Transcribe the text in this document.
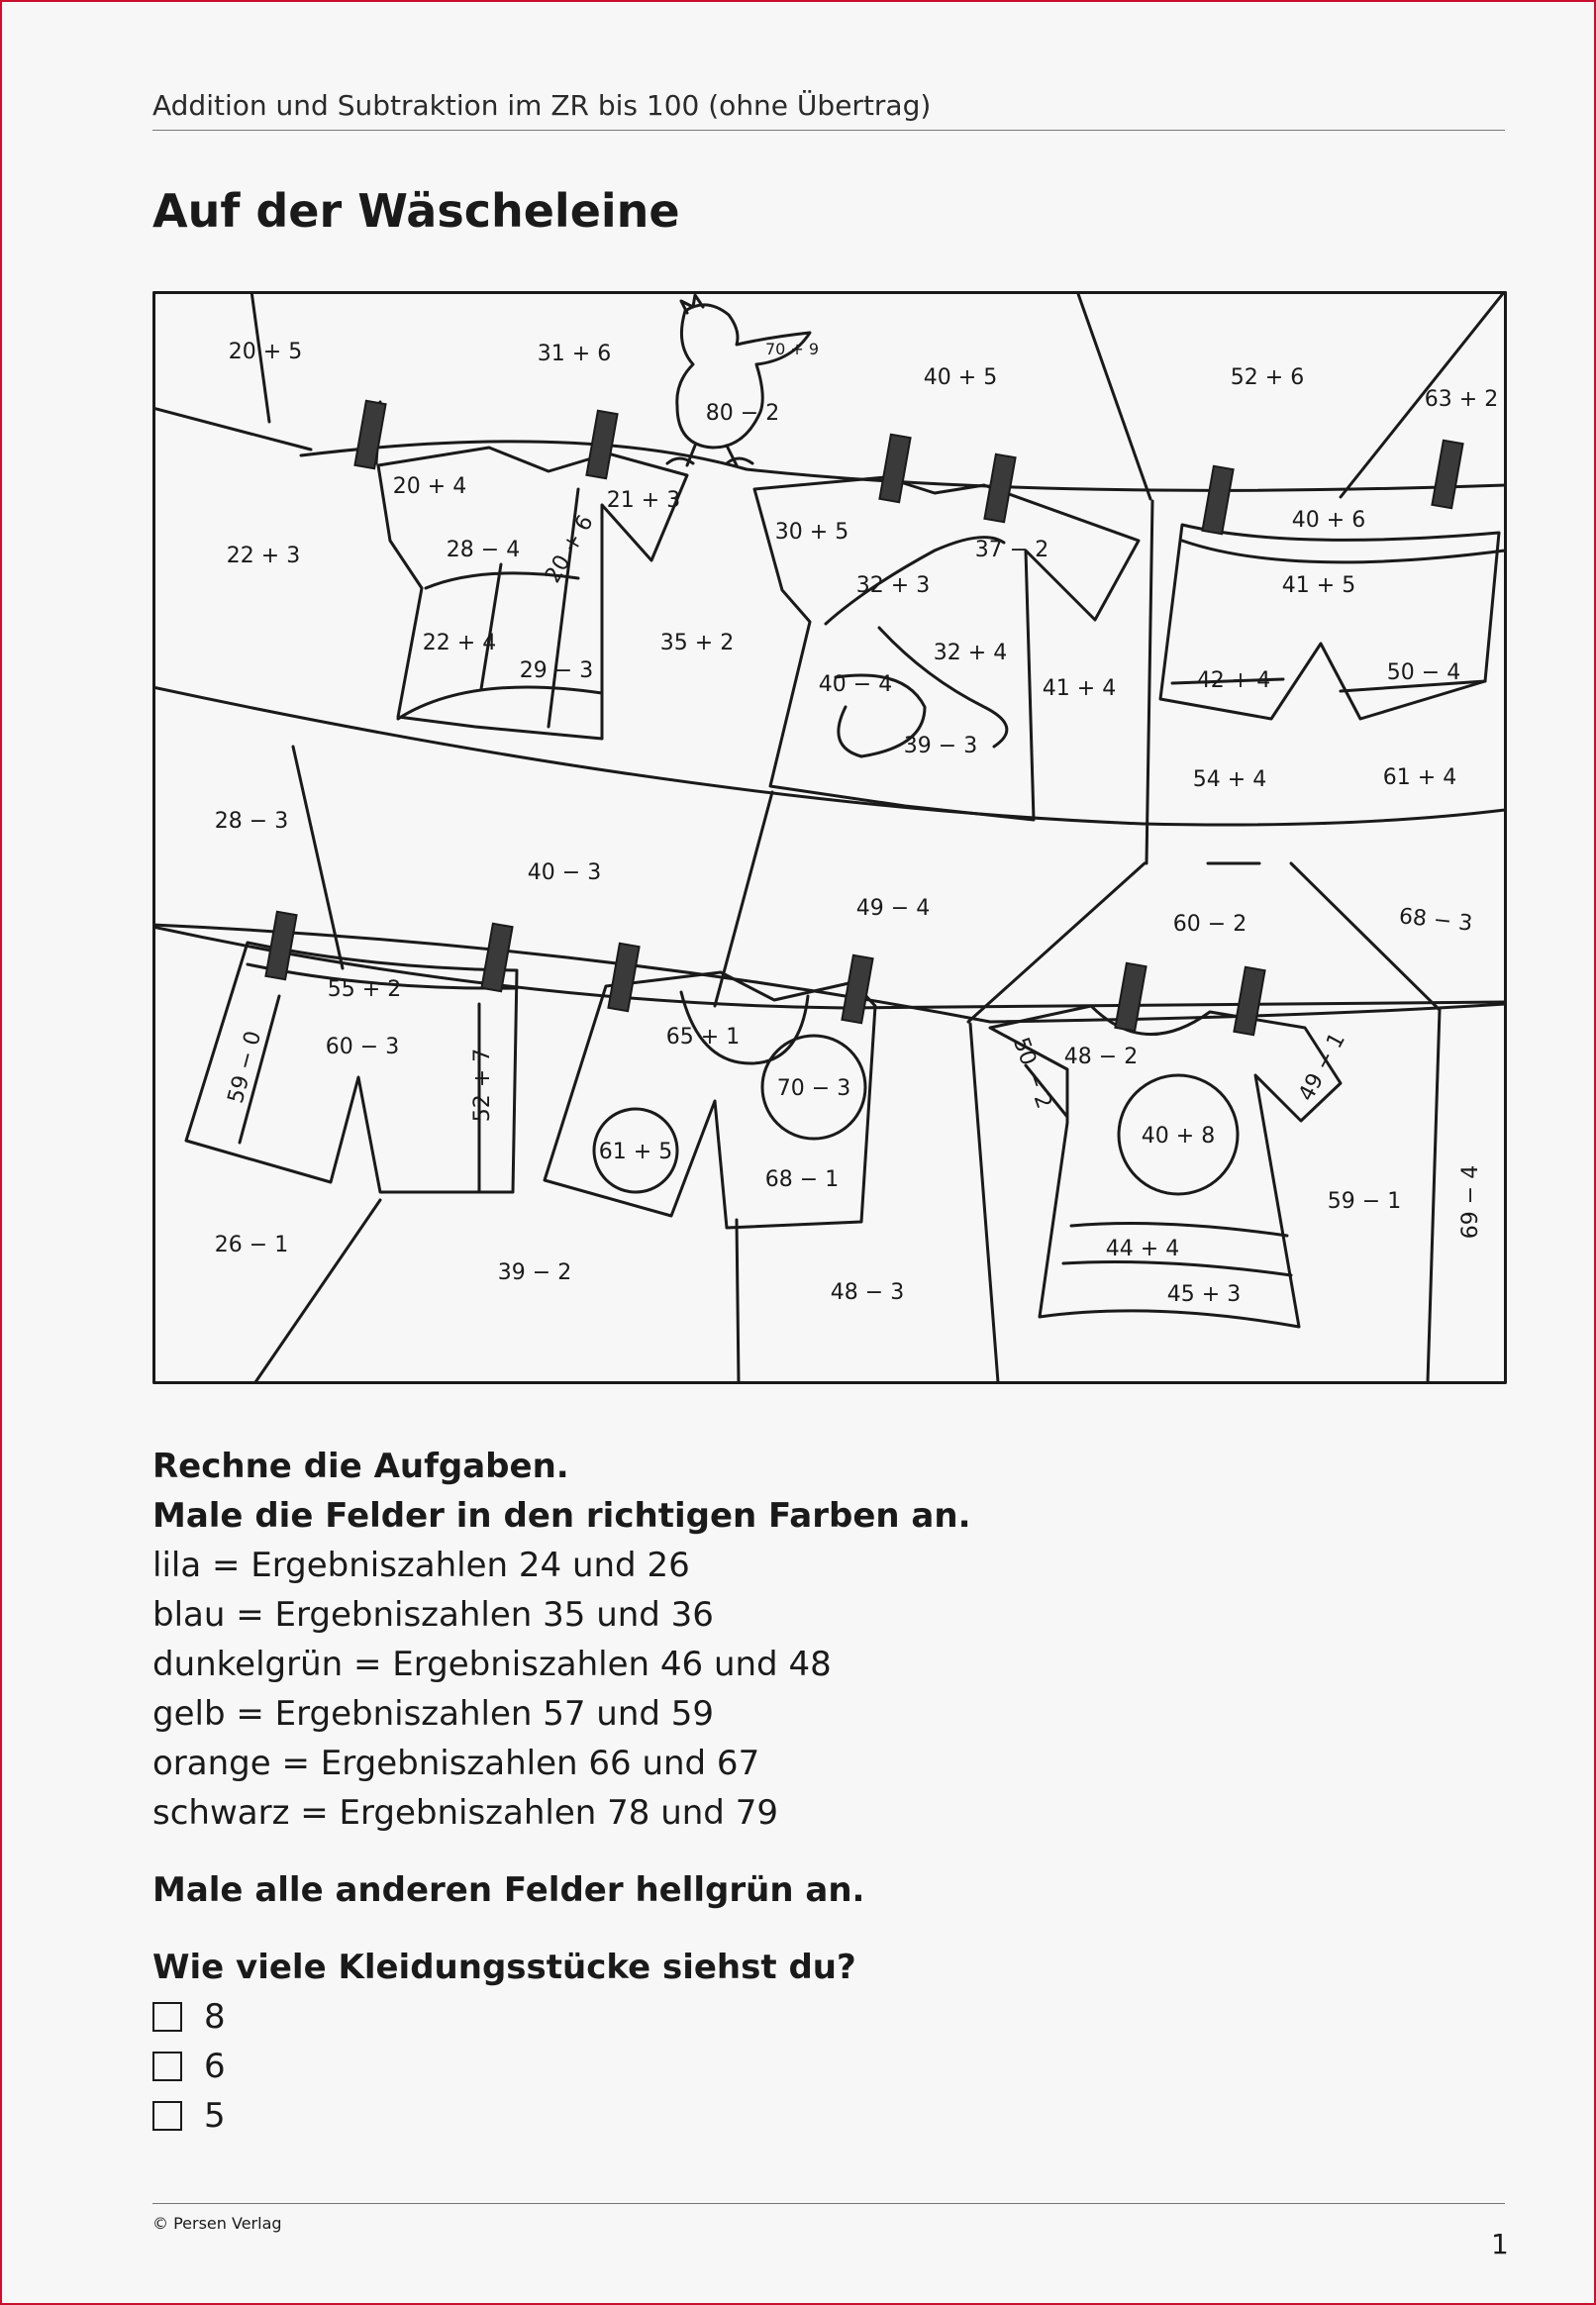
Addition und Subtraktion im ZR bis 100 (ohne Übertrag)
Auf der Wäscheleine
20 + 5	31 + 6	70 + 9
80 − 2
40 + 5	52 + 6
63 + 2
20 + 4
21 + 3
28 − 4 20 + 6
22 + 4
29 − 3
22 + 3
35 + 2
30 + 5
37 − 2
32 + 3
32 + 4
40 − 4
39 − 3
41 + 4
40 + 6
41 + 5
42 + 4	50 − 4
54 + 4	61 + 4
28 − 3
40 − 3
49 − 4
60 − 2	68 − 3
55 + 2
60 − 3
59 − 0	52 + 7
26 − 1
39 − 2
65 + 1
70 − 3
61 + 5
68 − 1
48 − 3
48 − 2
50 − 2	49 − 1
40 + 8
59 − 1	69 − 4
44 + 4
45 + 3
Rechne die Aufgaben.
Male die Felder in den richtigen Farben an.
lila = Ergebniszahlen 24 und 26
blau = Ergebniszahlen 35 und 36
dunkelgrün = Ergebniszahlen 46 und 48
gelb = Ergebniszahlen 57 und 59
orange = Ergebniszahlen 66 und 67
schwarz = Ergebniszahlen 78 und 79
Male alle anderen Felder hellgrün an.
Wie viele Kleidungsstücke siehst du?
8
6
5
© Persen Verlag
1
